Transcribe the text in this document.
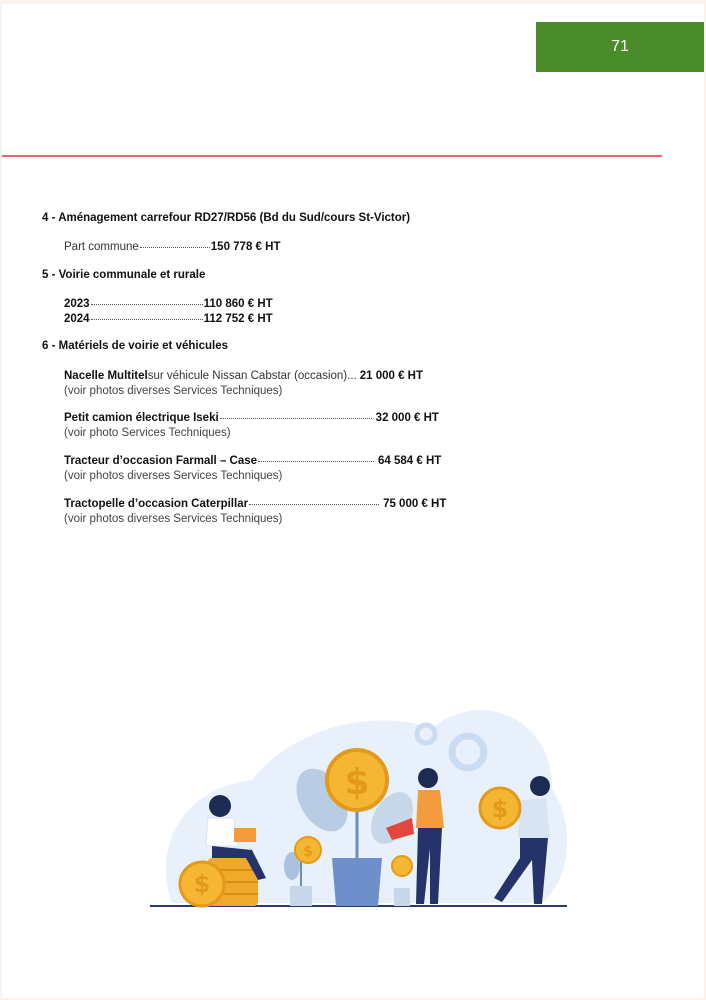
71
4 - Aménagement carrefour RD27/RD56 (Bd du Sud/cours St-Victor)
Part commune	150 778 € HT
5 - Voirie communale et rurale
2023	110 860 € HT
2024	112 752 € HT
6 - Matériels de voirie et véhicules
Nacelle Multitel sur véhicule Nissan Cabstar (occasion)... 21 000 € HT
(voir photos diverses Services Techniques)
Petit camion électrique Iseki	32 000 € HT
(voir photo Services Techniques)
Tracteur d’occasion Farmall – Case	64 584 € HT
(voir photos diverses Services Techniques)
Tractopelle d’occasion Caterpillar	75 000 € HT
(voir photos diverses Services Techniques)
$
$
$
$
